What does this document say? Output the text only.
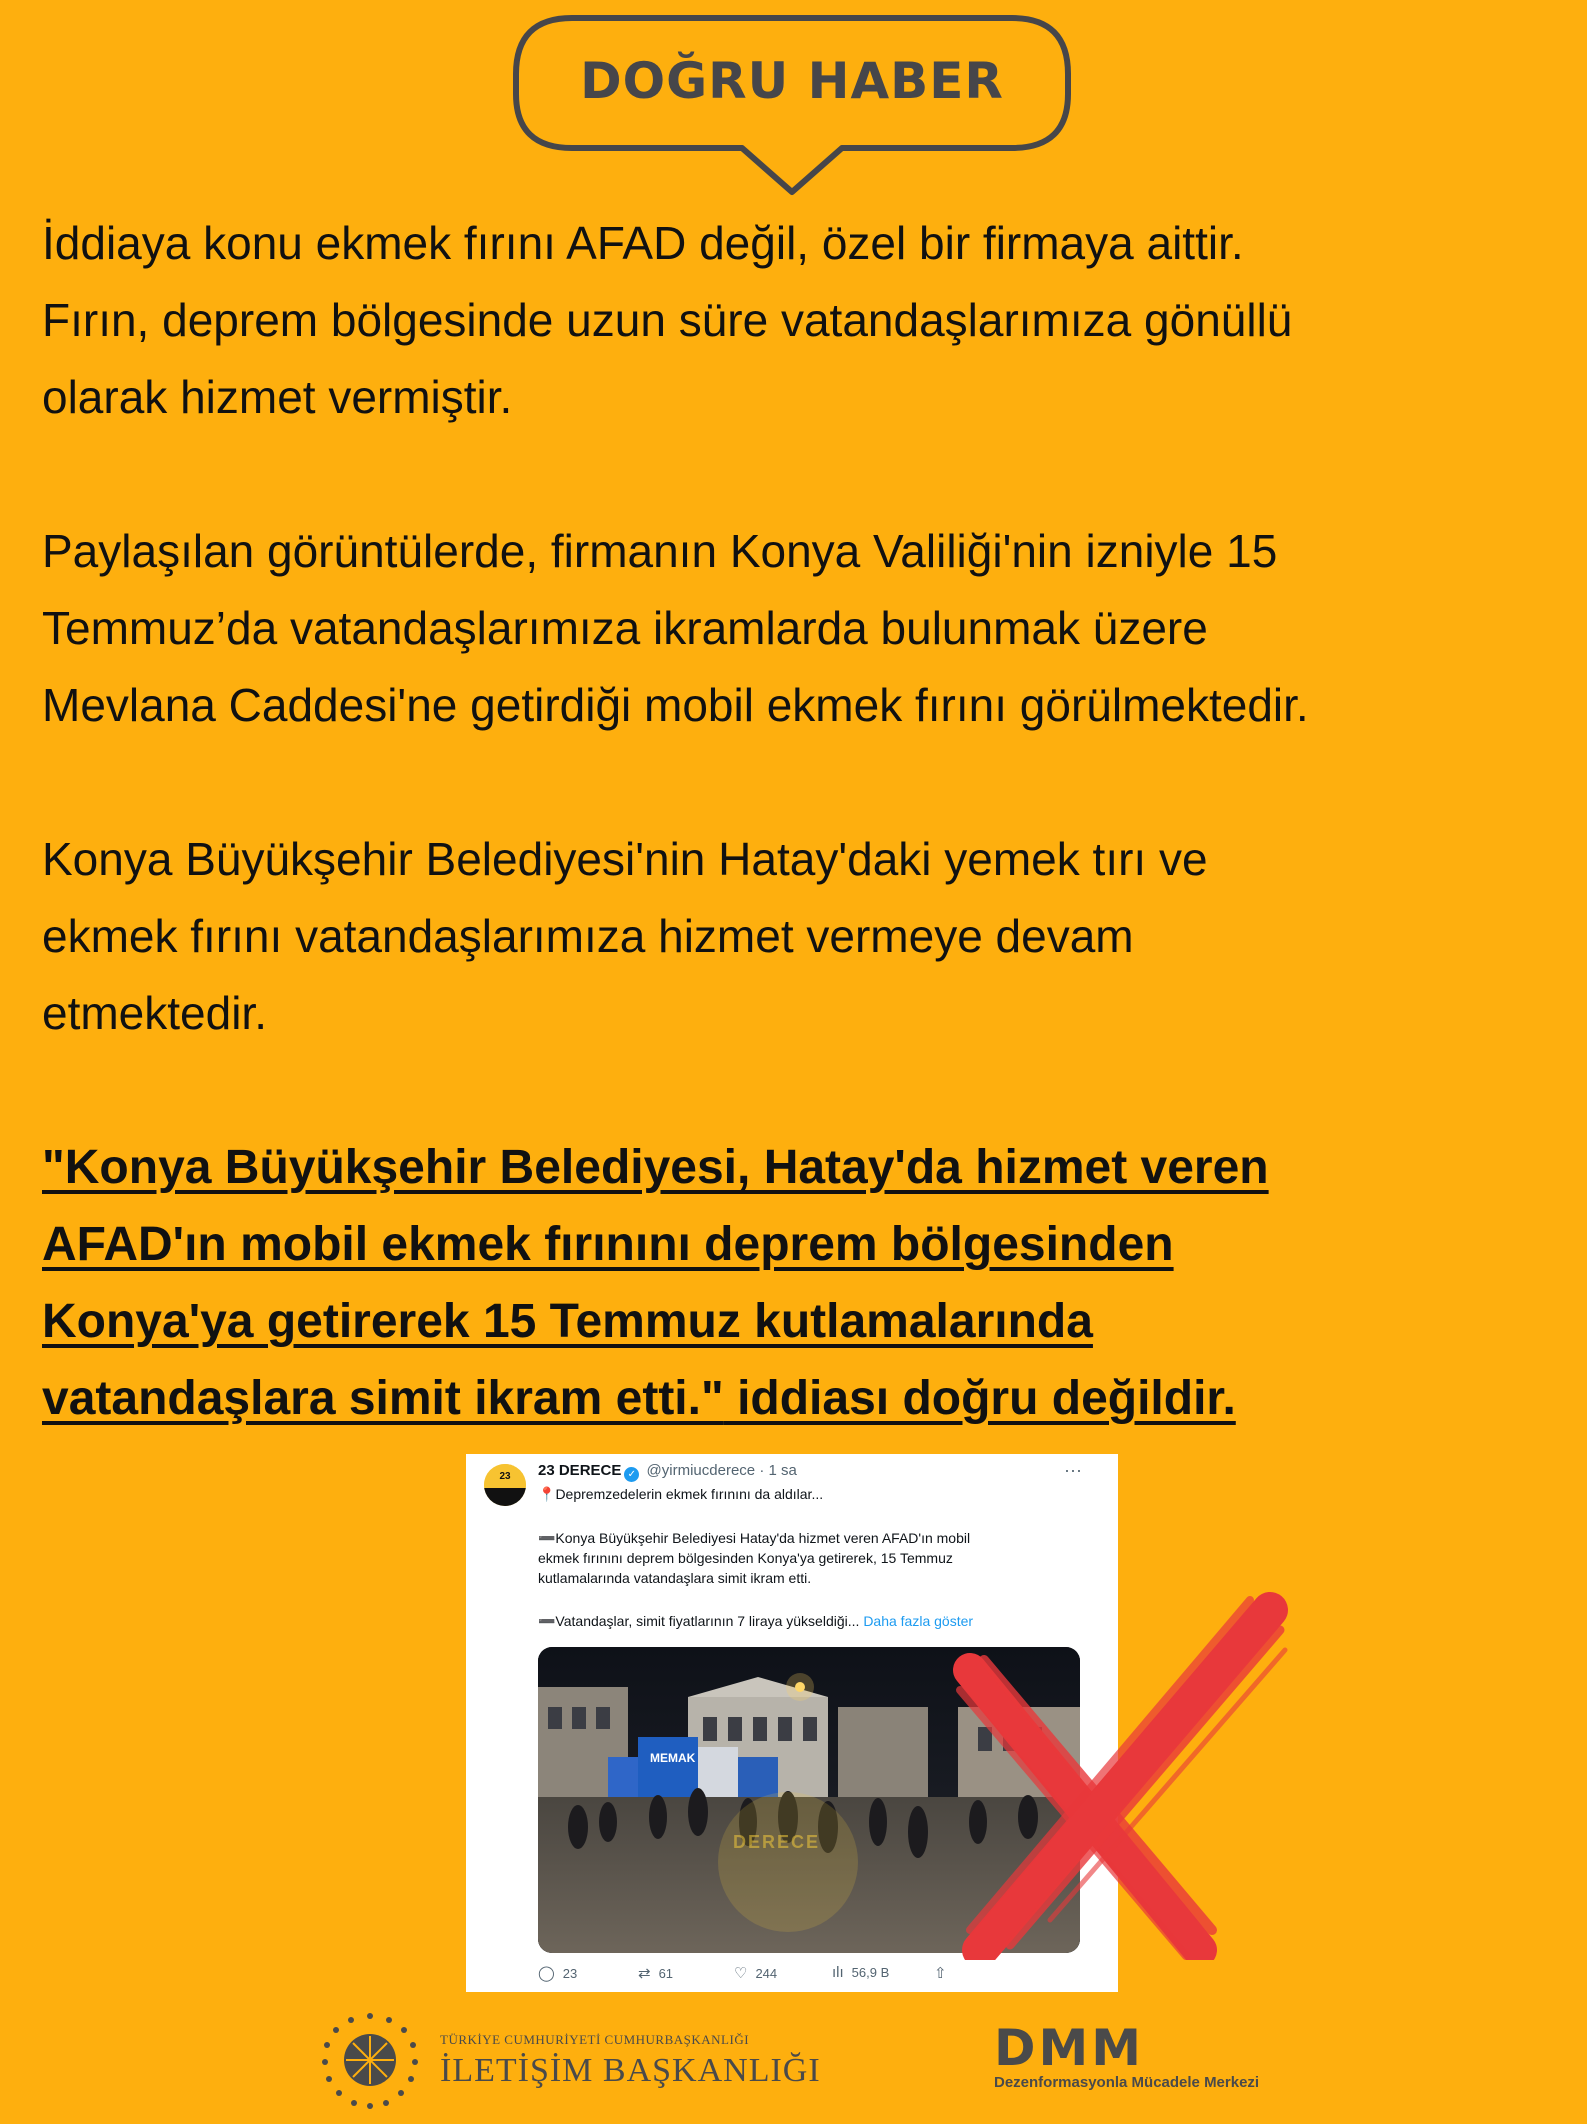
DOĞRU HABER

İddiaya konu ekmek fırını AFAD değil, özel bir firmaya aittir.
Fırın, deprem bölgesinde uzun süre vatandaşlarımıza gönüllü
olarak hizmet vermiştir.

Paylaşılan görüntülerde, firmanın Konya Valiliği'nin izniyle 15
Temmuz’da vatandaşlarımıza ikramlarda bulunmak üzere
Mevlana Caddesi'ne getirdiği mobil ekmek fırını görülmektedir.

Konya Büyükşehir Belediyesi'nin Hatay'daki yemek tırı ve
ekmek fırını vatandaşlarımıza hizmet vermeye devam
etmektedir.

"Konya Büyükşehir Belediyesi, Hatay'da hizmet veren
AFAD'ın mobil ekmek fırınını deprem bölgesinden
Konya'ya getirerek 15 Temmuz kutlamalarında
vatandaşlara simit ikram etti." iddiası doğru değildir.

23	23 DERECE ✓ @yirmiucderece · 1 sa	···
📍Depremzedelerin ekmek fırınını da aldılar...
➖Konya Büyükşehir Belediyesi Hatay'da hizmet veren AFAD'ın mobil
ekmek fırınını deprem bölgesinden Konya'ya getirerek, 15 Temmuz
kutlamalarında vatandaşlara simit ikram etti.
➖Vatandaşlar, simit fiyatlarının 7 liraya yükseldiği... Daha fazla göster
MEMAK
DERECE
◯ 23	⇄ 61	♡ 244	ılı 56,9 B	⇧
TÜRKİYE CUMHURİYETİ CUMHURBAŞKANLIĞI
İLETİŞİM BAŞKANLIĞI	DMM
Dezenformasyonla Mücadele Merkezi
